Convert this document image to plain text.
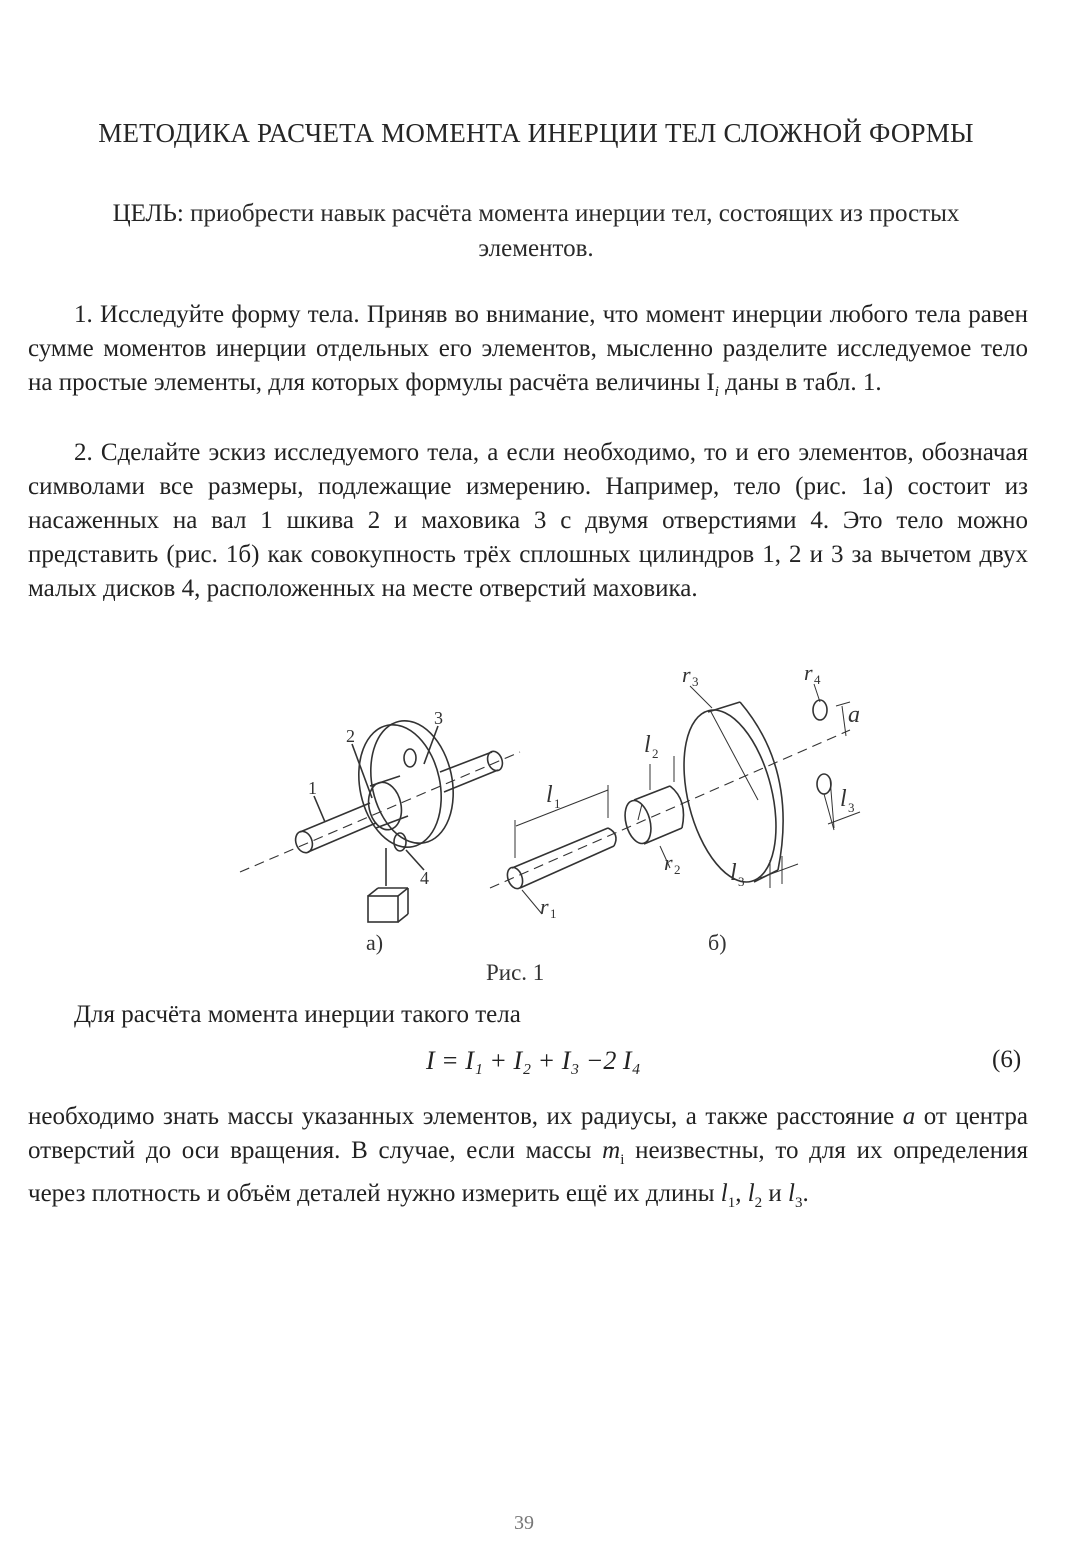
МЕТОДИКА РАСЧЕТА МОМЕНТА ИНЕРЦИИ ТЕЛ СЛОЖНОЙ ФОРМЫ
ЦЕЛЬ: приобрести навык расчёта момента инерции тел, состоящих из простых
элементов.
1. Исследуйте форму тела. Приняв во внимание, что момент инерции любого тела равен сумме моментов инерции отдельных его элементов, мысленно разделите исследуемое тело на простые элементы, для которых формулы расчёта величины $I_i$ даны в табл. 1.
2. Сделайте эскиз исследуемого тела, а если необходимо, то и его элементов, обозначая символами все размеры, подлежащие измерению. Например, тело (рис. 1а) состоит из насаженных на вал 1 шкива 2 и маховика 3 с двумя отверстиями 4. Это тело можно представить (рис. 1б) как совокупность трёх сплошных цилиндров 1, 2 и 3 за вычетом двух малых дисков 4, расположенных на месте отверстий маховика.
1
2
3
4
а)
r 1
l 1
l 2
r 2
r 3
l 3
r 4
a
l 3
б)
Рис. 1
Для расчёта момента инерции такого тела
I = I₁ + I₂ + I₃ −2 I₄	(6)
необходимо знать массы указанных элементов, их радиусы, а также расстояние a от центра отверстий до оси вращения. В случае, если массы $m_i$ неизвестны, то для их определения через плотность и объём деталей нужно измерить ещё их длины $l_1$, $l_2$ и $l_3$.
39
